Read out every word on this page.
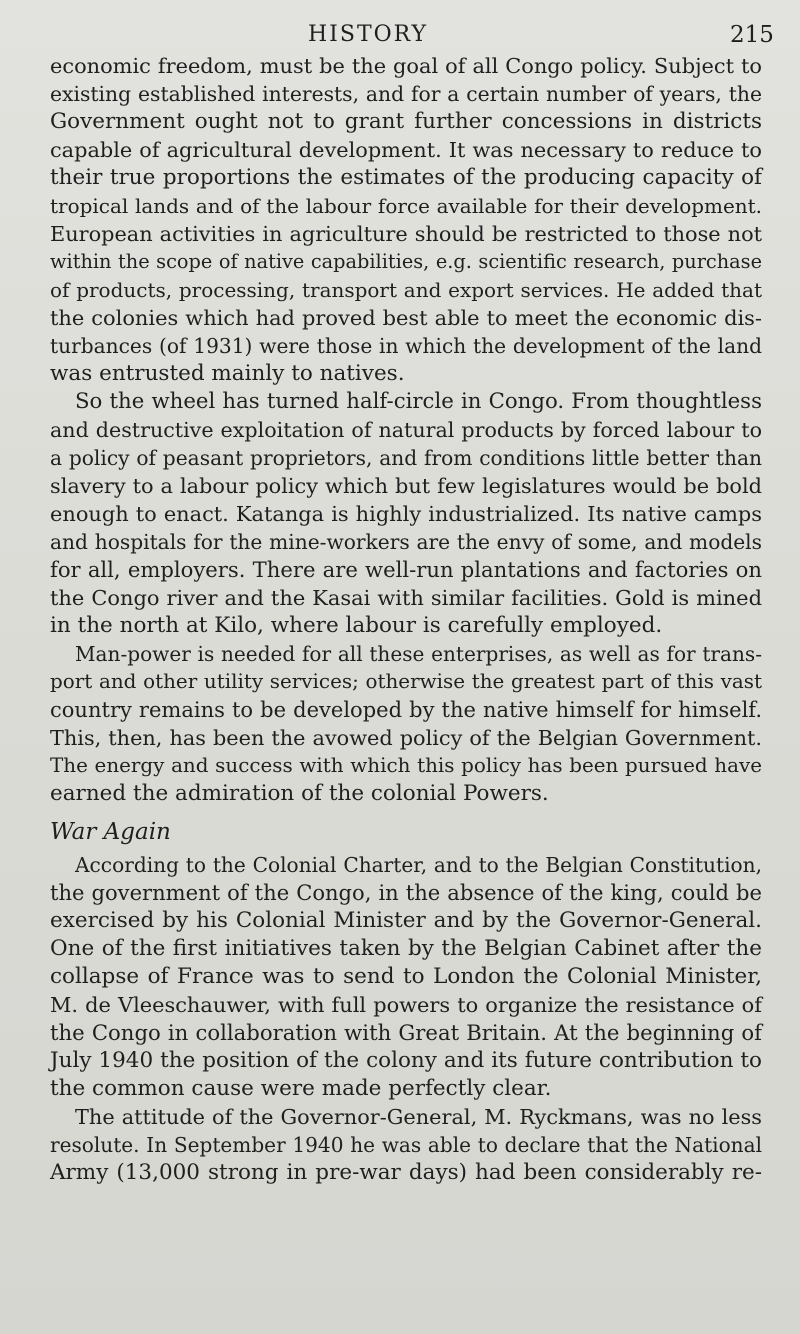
HISTORY	215
economic freedom, must be the goal of all Congo policy. Subject to
existing established interests, and for a certain number of years, the
Government ought not to grant further concessions in districts
capable of agricultural development. It was necessary to reduce to
their true proportions the estimates of the producing capacity of
tropical lands and of the labour force available for their development.
European activities in agriculture should be restricted to those not
within the scope of native capabilities, e.g. scientific research, purchase
of products, processing, transport and export services. He added that
the colonies which had proved best able to meet the economic dis-
turbances (of 1931) were those in which the development of the land
was entrusted mainly to natives.
So the wheel has turned half-circle in Congo. From thoughtless
and destructive exploitation of natural products by forced labour to
a policy of peasant proprietors, and from conditions little better than
slavery to a labour policy which but few legislatures would be bold
enough to enact. Katanga is highly industrialized. Its native camps
and hospitals for the mine-workers are the envy of some, and models
for all, employers. There are well-run plantations and factories on
the Congo river and the Kasai with similar facilities. Gold is mined
in the north at Kilo, where labour is carefully employed.
Man-power is needed for all these enterprises, as well as for trans-
port and other utility services; otherwise the greatest part of this vast
country remains to be developed by the native himself for himself.
This, then, has been the avowed policy of the Belgian Government.
The energy and success with which this policy has been pursued have
earned the admiration of the colonial Powers.
War Again
According to the Colonial Charter, and to the Belgian Constitution,
the government of the Congo, in the absence of the king, could be
exercised by his Colonial Minister and by the Governor-General.
One of the first initiatives taken by the Belgian Cabinet after the
collapse of France was to send to London the Colonial Minister,
M. de Vleeschauwer, with full powers to organize the resistance of
the Congo in collaboration with Great Britain. At the beginning of
July 1940 the position of the colony and its future contribution to
the common cause were made perfectly clear.
The attitude of the Governor-General, M. Ryckmans, was no less
resolute. In September 1940 he was able to declare that the National
Army (13,000 strong in pre-war days) had been considerably re-
